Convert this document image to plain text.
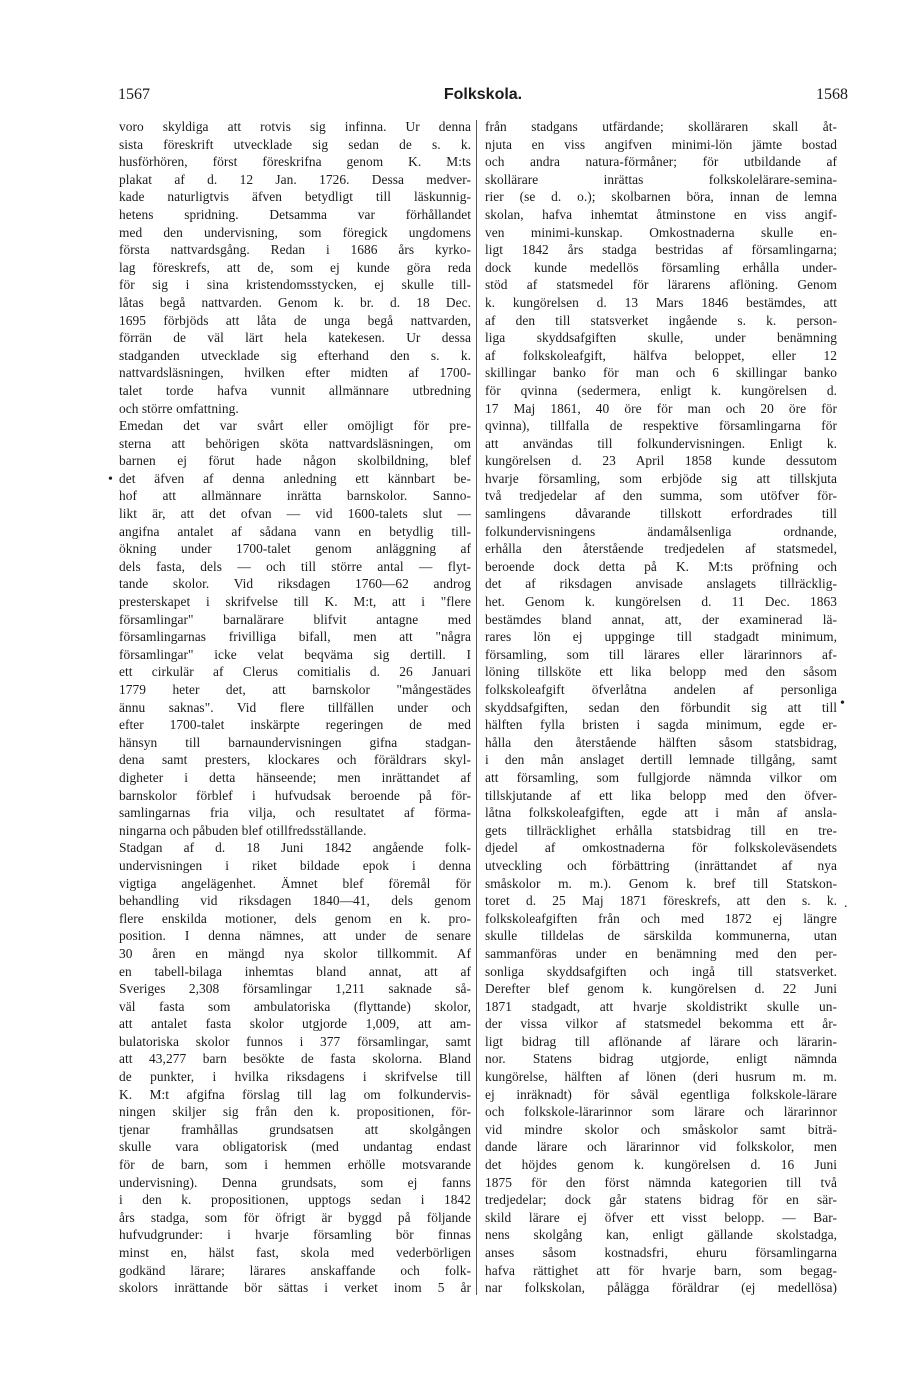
1567	Folkskola.	1568
voro skyldiga att rotvis sig infinna. Ur denna
sista föreskrift utvecklade sig sedan de s. k.
husförhören, först föreskrifna genom K. M:ts
plakat af d. 12 Jan. 1726. Dessa medver-
kade naturligtvis äfven betydligt till läskunnig-
hetens spridning. Detsamma var förhållandet
med den undervisning, som föregick ungdomens
första nattvardsgång. Redan i 1686 års kyrko-
lag föreskrefs, att de, som ej kunde göra reda
för sig i sina kristendomsstycken, ej skulle till-
låtas begå nattvarden. Genom k. br. d. 18 Dec.
1695 förbjöds att låta de unga begå nattvarden,
förrän de väl lärt hela katekesen. Ur dessa
stadganden utvecklade sig efterhand den s. k.
nattvardsläsningen, hvilken efter midten af 1700-
talet torde hafva vunnit allmännare utbredning
och större omfattning.
Emedan det var svårt eller omöjligt för pre-
sterna att behörigen sköta nattvardsläsningen, om
barnen ej förut hade någon skolbildning, blef
det äfven af denna anledning ett kännbart be-
hof att allmännare inrätta barnskolor. Sanno-
likt är, att det ofvan — vid 1600-talets slut —
angifna antalet af sådana vann en betydlig till-
ökning under 1700-talet genom anläggning af
dels fasta, dels — och till större antal — flyt-
tande skolor. Vid riksdagen 1760—62 androg
presterskapet i skrifvelse till K. M:t, att i "flere
församlingar" barnalärare blifvit antagne med
församlingarnas frivilliga bifall, men att "några
församlingar" icke velat beqväma sig dertill. I
ett cirkulär af Clerus comitialis d. 26 Januari
1779 heter det, att barnskolor "mångestädes
ännu saknas". Vid flere tillfällen under och
efter 1700-talet inskärpte regeringen de med
hänsyn till barnaundervisningen gifna stadgan-
dena samt presters, klockares och föräldrars skyl-
digheter i detta hänseende; men inrättandet af
barnskolor förblef i hufvudsak beroende på för-
samlingarnas fria vilja, och resultatet af förma-
ningarna och påbuden blef otillfredsställande.
Stadgan af d. 18 Juni 1842 angående folk-
undervisningen i riket bildade epok i denna
vigtiga angelägenhet. Ämnet blef föremål för
behandling vid riksdagen 1840—41, dels genom
flere enskilda motioner, dels genom en k. pro-
position. I denna nämnes, att under de senare
30 åren en mängd nya skolor tillkommit. Af
en tabell-bilaga inhemtas bland annat, att af
Sveriges 2,308 församlingar 1,211 saknade så-
väl fasta som ambulatoriska (flyttande) skolor,
att antalet fasta skolor utgjorde 1,009, att am-
bulatoriska skolor funnos i 377 församlingar, samt
att 43,277 barn besökte de fasta skolorna. Bland
de punkter, i hvilka riksdagens i skrifvelse till
K. M:t afgifna förslag till lag om folkundervis-
ningen skiljer sig från den k. propositionen, för-
tjenar framhållas grundsatsen att skolgången
skulle vara obligatorisk (med undantag endast
för de barn, som i hemmen erhölle motsvarande
undervisning). Denna grundsats, som ej fanns
i den k. propositionen, upptogs sedan i 1842
års stadga, som för öfrigt är byggd på följande
hufvudgrunder: i hvarje församling bör finnas
minst en, hälst fast, skola med vederbörligen
godkänd lärare; lärares anskaffande och folk-
skolors inrättande bör sättas i verket inom 5 år
från stadgans utfärdande; skolläraren skall åt-
njuta en viss angifven minimi-lön jämte bostad
och andra natura-förmåner; för utbildande af
skollärare inrättas folkskolelärare-semina-
rier (se d. o.); skolbarnen böra, innan de lemna
skolan, hafva inhemtat åtminstone en viss angif-
ven minimi-kunskap. Omkostnaderna skulle en-
ligt 1842 års stadga bestridas af församlingarna;
dock kunde medellös församling erhålla under-
stöd af statsmedel för lärarens aflöning. Genom
k. kungörelsen d. 13 Mars 1846 bestämdes, att
af den till statsverket ingående s. k. person-
liga skyddsafgiften skulle, under benämning
af folkskoleafgift, hälfva beloppet, eller 12
skillingar banko för man och 6 skillingar banko
för qvinna (sedermera, enligt k. kungörelsen d.
17 Maj 1861, 40 öre för man och 20 öre för
qvinna), tillfalla de respektive församlingarna för
att användas till folkundervisningen. Enligt k.
kungörelsen d. 23 April 1858 kunde dessutom
hvarje församling, som erbjöde sig att tillskjuta
två tredjedelar af den summa, som utöfver för-
samlingens dåvarande tillskott erfordrades till
folkundervisningens ändamålsenliga ordnande,
erhålla den återstående tredjedelen af statsmedel,
beroende dock detta på K. M:ts pröfning och
det af riksdagen anvisade anslagets tillräcklig-
het. Genom k. kungörelsen d. 11 Dec. 1863
bestämdes bland annat, att, der examinerad lä-
rares lön ej uppginge till stadgadt minimum,
församling, som till lärares eller lärarinnors af-
löning tillsköte ett lika belopp med den såsom
folkskoleafgift öfverlåtna andelen af personliga
skyddsafgiften, sedan den förbundit sig att till
hälften fylla bristen i sagda minimum, egde er-
hålla den återstående hälften såsom statsbidrag,
i den mån anslaget dertill lemnade tillgång, samt
att församling, som fullgjorde nämnda vilkor om
tillskjutande af ett lika belopp med den öfver-
låtna folkskoleafgiften, egde att i mån af ansla-
gets tillräcklighet erhålla statsbidrag till en tre-
djedel af omkostnaderna för folkskoleväsendets
utveckling och förbättring (inrättandet af nya
småskolor m. m.). Genom k. bref till Statskon-
toret d. 25 Maj 1871 föreskrefs, att den s. k.
folkskoleafgiften från och med 1872 ej längre
skulle tilldelas de särskilda kommunerna, utan
sammanföras under en benämning med den per-
sonliga skyddsafgiften och ingå till statsverket.
Derefter blef genom k. kungörelsen d. 22 Juni
1871 stadgadt, att hvarje skoldistrikt skulle un-
der vissa vilkor af statsmedel bekomma ett år-
ligt bidrag till aflönande af lärare och lärarin-
nor. Statens bidrag utgjorde, enligt nämnda
kungörelse, hälften af lönen (deri husrum m. m.
ej inräknadt) för såväl egentliga folkskole-lärare
och folkskole-lärarinnor som lärare och lärarinnor
vid mindre skolor och småskolor samt biträ-
dande lärare och lärarinnor vid folkskolor, men
det höjdes genom k. kungörelsen d. 16 Juni
1875 för den först nämnda kategorien till två
tredjedelar; dock går statens bidrag för en sär-
skild lärare ej öfver ett visst belopp. — Bar-
nens skolgång kan, enligt gällande skolstadga,
anses såsom kostnadsfri, ehuru församlingarna
hafva rättighet att för hvarje barn, som begag-
nar folkskolan, pålägga föräldrar (ej medellösa)
•
•
.
